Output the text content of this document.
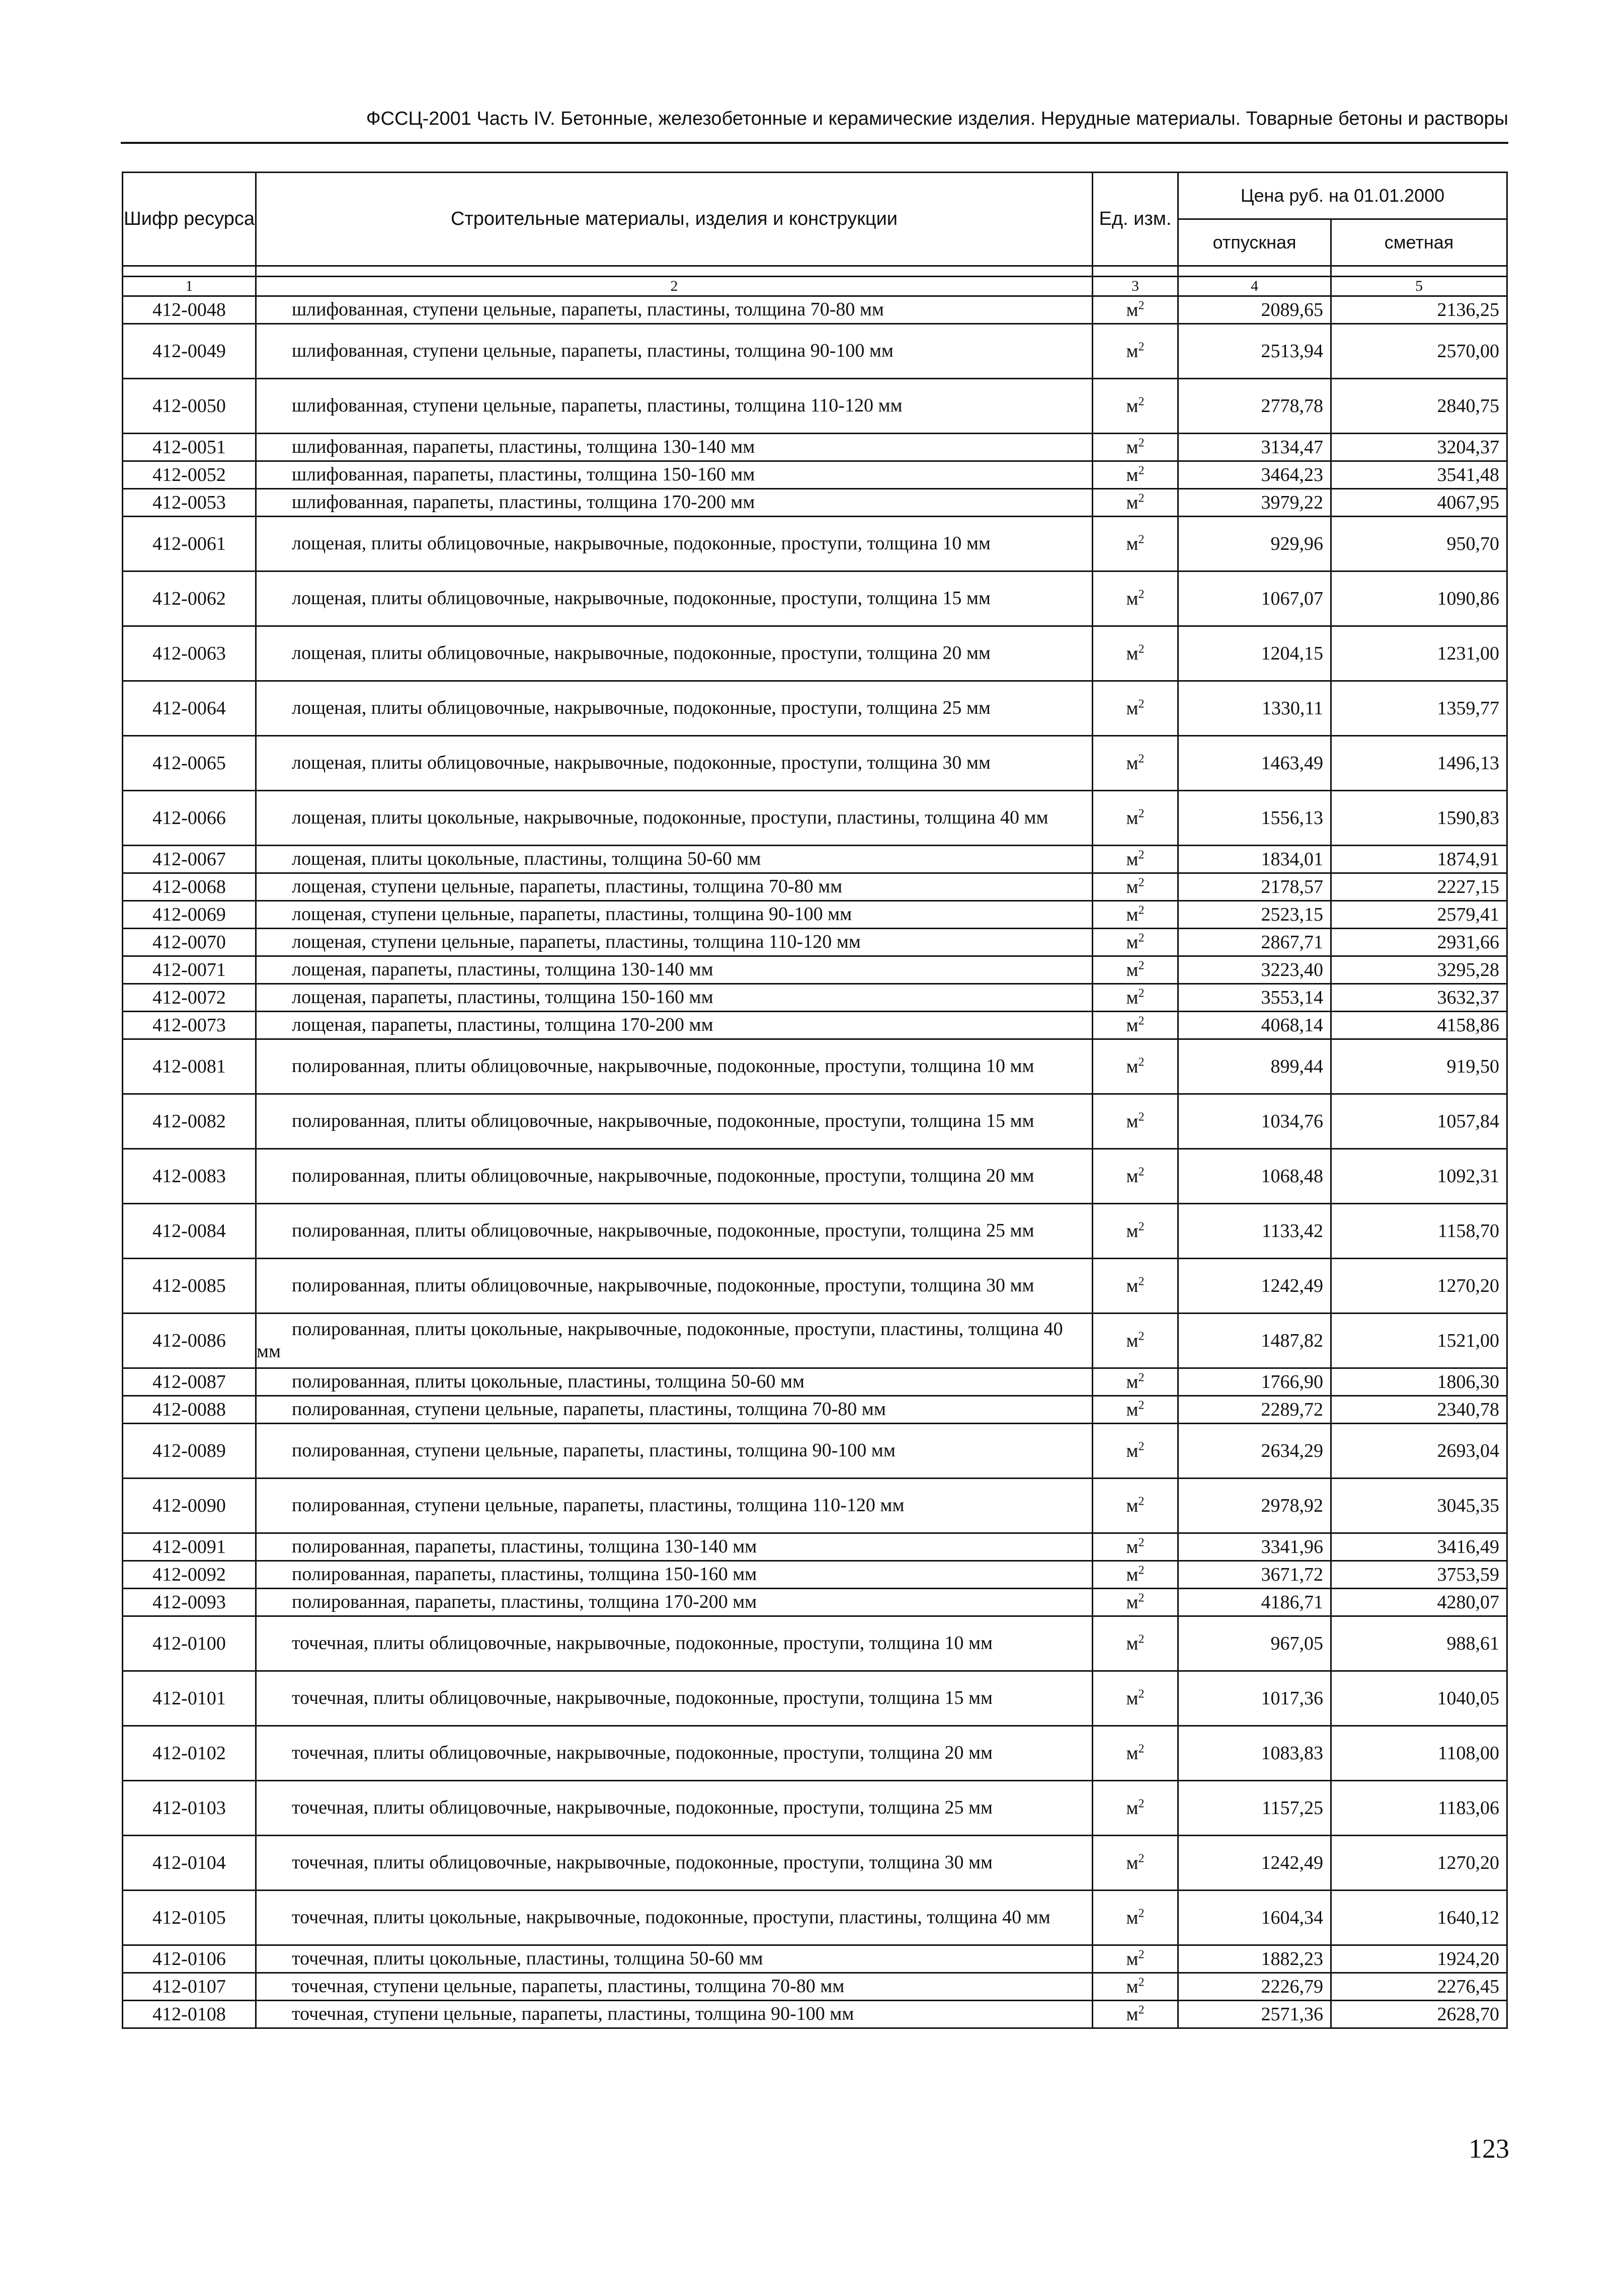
ФССЦ-2001 Часть IV. Бетонные, железобетонные и керамические изделия. Нерудные материалы. Товарные бетоны и растворы
Шифр ресурса	Строительные материалы, изделия и конструкции	Ед. изм.	Цена руб. на 01.01.2000	
			отпускная	сметная

1	2	3	4	5
412-0048	шлифованная, ступени цельные, парапеты, пластины, толщина 70-80 мм	$м^2$	2089,65	2136,25
412-0049	шлифованная, ступени цельные, парапеты, пластины, толщина 90-100 мм	$м^2$	2513,94	2570,00
412-0050	шлифованная, ступени цельные, парапеты, пластины, толщина 110-120 мм	$м^2$	2778,78	2840,75
412-0051	шлифованная, парапеты, пластины, толщина 130-140 мм	$м^2$	3134,47	3204,37
412-0052	шлифованная, парапеты, пластины, толщина 150-160 мм	$м^2$	3464,23	3541,48
412-0053	шлифованная, парапеты, пластины, толщина 170-200 мм	$м^2$	3979,22	4067,95
412-0061	лощеная, плиты облицовочные, накрывочные, подоконные, проступи, толщина 10 мм	$м^2$	929,96	950,70
412-0062	лощеная, плиты облицовочные, накрывочные, подоконные, проступи, толщина 15 мм	$м^2$	1067,07	1090,86
412-0063	лощеная, плиты облицовочные, накрывочные, подоконные, проступи, толщина 20 мм	$м^2$	1204,15	1231,00
412-0064	лощеная, плиты облицовочные, накрывочные, подоконные, проступи, толщина 25 мм	$м^2$	1330,11	1359,77
412-0065	лощеная, плиты облицовочные, накрывочные, подоконные, проступи, толщина 30 мм	$м^2$	1463,49	1496,13
412-0066	лощеная, плиты цокольные, накрывочные, подоконные, проступи, пластины, толщина 40 мм	$м^2$	1556,13	1590,83
412-0067	лощеная, плиты цокольные, пластины, толщина 50-60 мм	$м^2$	1834,01	1874,91
412-0068	лощеная, ступени цельные, парапеты, пластины, толщина 70-80 мм	$м^2$	2178,57	2227,15
412-0069	лощеная, ступени цельные, парапеты, пластины, толщина 90-100 мм	$м^2$	2523,15	2579,41
412-0070	лощеная, ступени цельные, парапеты, пластины, толщина 110-120 мм	$м^2$	2867,71	2931,66
412-0071	лощеная, парапеты, пластины, толщина 130-140 мм	$м^2$	3223,40	3295,28
412-0072	лощеная, парапеты, пластины, толщина 150-160 мм	$м^2$	3553,14	3632,37
412-0073	лощеная, парапеты, пластины, толщина 170-200 мм	$м^2$	4068,14	4158,86
412-0081	полированная, плиты облицовочные, накрывочные, подоконные, проступи, толщина 10 мм	$м^2$	899,44	919,50
412-0082	полированная, плиты облицовочные, накрывочные, подоконные, проступи, толщина 15 мм	$м^2$	1034,76	1057,84
412-0083	полированная, плиты облицовочные, накрывочные, подоконные, проступи, толщина 20 мм	$м^2$	1068,48	1092,31
412-0084	полированная, плиты облицовочные, накрывочные, подоконные, проступи, толщина 25 мм	$м^2$	1133,42	1158,70
412-0085	полированная, плиты облицовочные, накрывочные, подоконные, проступи, толщина 30 мм	$м^2$	1242,49	1270,20
412-0086	полированная, плиты цокольные, накрывочные, подоконные, проступи, пластины, толщина 40 мм	$м^2$	1487,82	1521,00
412-0087	полированная, плиты цокольные, пластины, толщина 50-60 мм	$м^2$	1766,90	1806,30
412-0088	полированная, ступени цельные, парапеты, пластины, толщина 70-80 мм	$м^2$	2289,72	2340,78
412-0089	полированная, ступени цельные, парапеты, пластины, толщина 90-100 мм	$м^2$	2634,29	2693,04
412-0090	полированная, ступени цельные, парапеты, пластины, толщина 110-120 мм	$м^2$	2978,92	3045,35
412-0091	полированная, парапеты, пластины, толщина 130-140 мм	$м^2$	3341,96	3416,49
412-0092	полированная, парапеты, пластины, толщина 150-160 мм	$м^2$	3671,72	3753,59
412-0093	полированная, парапеты, пластины, толщина 170-200 мм	$м^2$	4186,71	4280,07
412-0100	точечная, плиты облицовочные, накрывочные, подоконные, проступи, толщина 10 мм	$м^2$	967,05	988,61
412-0101	точечная, плиты облицовочные, накрывочные, подоконные, проступи, толщина 15 мм	$м^2$	1017,36	1040,05
412-0102	точечная, плиты облицовочные, накрывочные, подоконные, проступи, толщина 20 мм	$м^2$	1083,83	1108,00
412-0103	точечная, плиты облицовочные, накрывочные, подоконные, проступи, толщина 25 мм	$м^2$	1157,25	1183,06
412-0104	точечная, плиты облицовочные, накрывочные, подоконные, проступи, толщина 30 мм	$м^2$	1242,49	1270,20
412-0105	точечная, плиты цокольные, накрывочные, подоконные, проступи, пластины, толщина 40 мм	$м^2$	1604,34	1640,12
412-0106	точечная, плиты цокольные, пластины, толщина 50-60 мм	$м^2$	1882,23	1924,20
412-0107	точечная, ступени цельные, парапеты, пластины, толщина 70-80 мм	$м^2$	2226,79	2276,45
412-0108	точечная, ступени цельные, парапеты, пластины, толщина 90-100 мм	$м^2$	2571,36	2628,70
123
